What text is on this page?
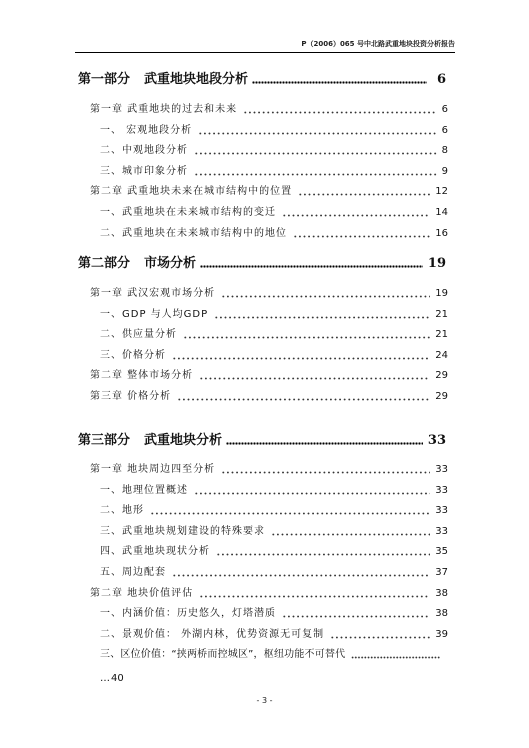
P（2006）065 号中北路武重地块投资分析报告
第一部分 武重地块地段分析	6
第一章 武重地块的过去和未来	6
一、 宏观地段分析	6
二、中观地段分析	8
三、城市印象分析	9
第二章 武重地块未来在城市结构中的位置	12
一、武重地块在未来城市结构的变迁	14
二、武重地块在未来城市结构中的地位	16
第二部分 市场分析	19
第一章 武汉宏观市场分析	19
一、GDP 与人均GDP	21
二、供应量分析	21
三、价格分析	24
第二章 整体市场分析	29
第三章 价格分析	29
第三部分 武重地块分析	33
第一章 地块周边四至分析	33
一、地理位置概述	33
二、地形	33
三、武重地块规划建设的特殊要求	33
四、武重地块现状分析	35
五、周边配套	37
第二章 地块价值评估	38
一、内涵价值：历史悠久，灯塔潜质	38
二、景观价值： 外湖内林，优势资源无可复制	39
三、区位价值：“挟两桥而控城区”，枢纽功能不可替代
… 40
- 3 -
